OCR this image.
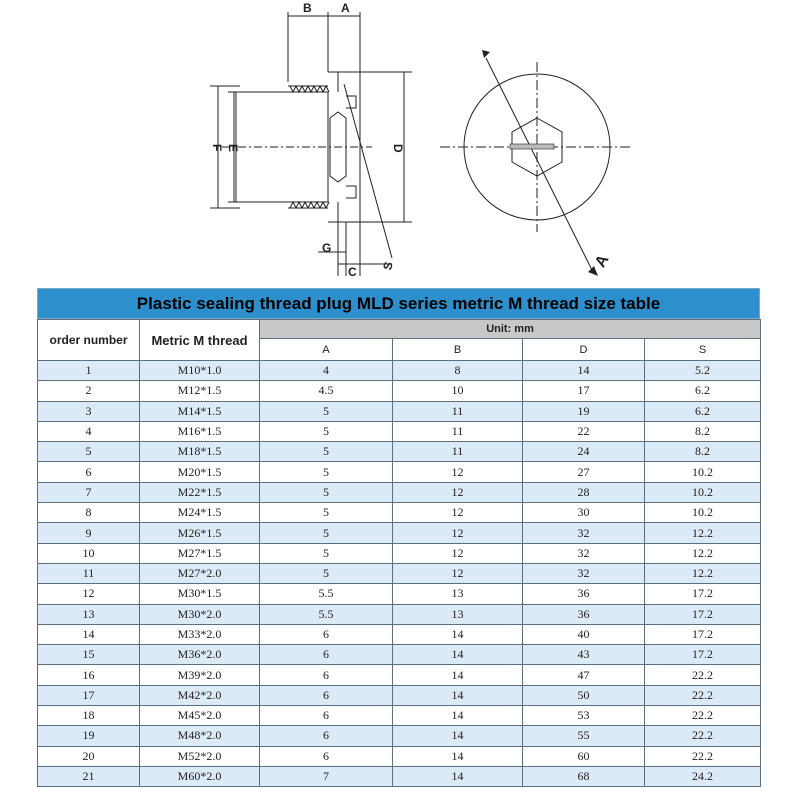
B A
F E	D
G
C S	A
Plastic sealing thread plug MLD series metric M thread size table
order number	Metric M thread	Unit: mm			
		A	B	D	S
1	M10*1.0	4	8	14	5.2
2	M12*1.5	4.5	10	17	6.2
3	M14*1.5	5	11	19	6.2
4	M16*1.5	5	11	22	8.2
5	M18*1.5	5	11	24	8.2
6	M20*1.5	5	12	27	10.2
7	M22*1.5	5	12	28	10.2
8	M24*1.5	5	12	30	10.2
9	M26*1.5	5	12	32	12.2
10	M27*1.5	5	12	32	12.2
11	M27*2.0	5	12	32	12.2
12	M30*1.5	5.5	13	36	17.2
13	M30*2.0	5.5	13	36	17.2
14	M33*2.0	6	14	40	17.2
15	M36*2.0	6	14	43	17.2
16	M39*2.0	6	14	47	22.2
17	M42*2.0	6	14	50	22.2
18	M45*2.0	6	14	53	22.2
19	M48*2.0	6	14	55	22.2
20	M52*2.0	6	14	60	22.2
21	M60*2.0	7	14	68	24.2
